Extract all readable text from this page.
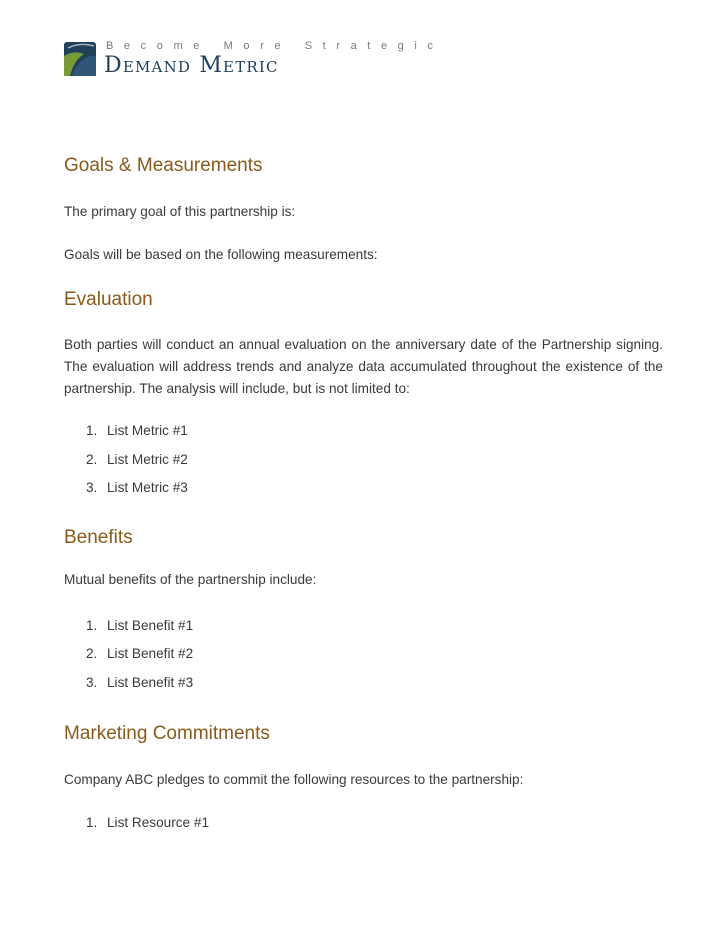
Become More Strategic
Demand Metric
Goals & Measurements

The primary goal of this partnership is:

Goals will be based on the following measurements:

Evaluation

Both parties will conduct an annual evaluation on the anniversary date of the Partnership signing. The evaluation will address trends and analyze data accumulated throughout the existence of the partnership. The analysis will include, but is not limited to:

1. List Metric #1

2. List Metric #2

3. List Metric #3

Benefits

Mutual benefits of the partnership include:

1. List Benefit #1

2. List Benefit #2

3. List Benefit #3

Marketing Commitments

Company ABC pledges to commit the following resources to the partnership:

1. List Resource #1
